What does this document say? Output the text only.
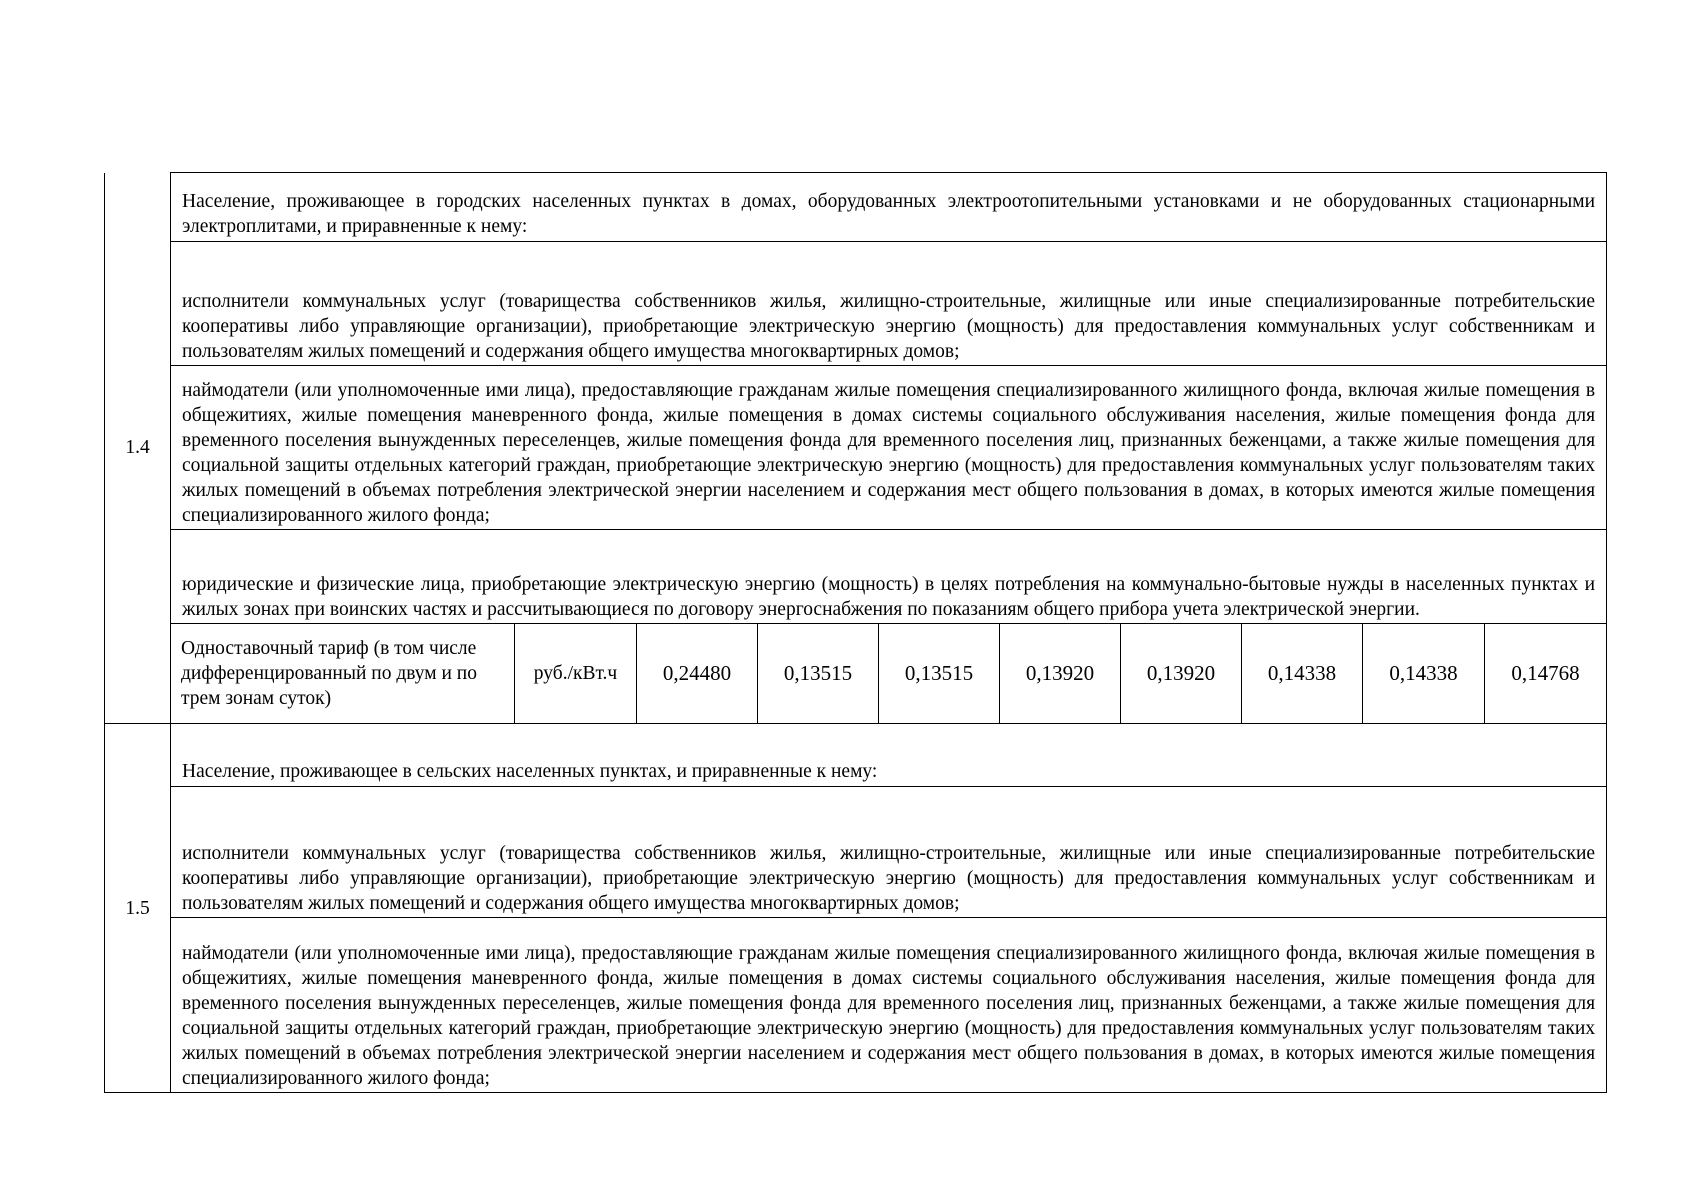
1.4	Население, проживающее в городских населенных пунктах в домах, оборудованных электроотопительными установками и не оборудованных стационарными электроплитами, и приравненные к нему:									
	исполнители коммунальных услуг (товарищества собственников жилья, жилищно-строительные, жилищные или иные специализированные потребительские кооперативы либо управляющие организации), приобретающие электрическую энергию (мощность) для предоставления коммунальных услуг собственникам и пользователям жилых помещений и содержания общего имущества многоквартирных домов;									
	наймодатели (или уполномоченные ими лица), предоставляющие гражданам жилые помещения специализированного жилищного фонда, включая жилые помещения в общежитиях, жилые помещения маневренного фонда, жилые помещения в домах системы социального обслуживания населения, жилые помещения фонда для временного поселения вынужденных переселенцев, жилые помещения фонда для временного поселения лиц, признанных беженцами, а также жилые помещения для социальной защиты отдельных категорий граждан, приобретающие электрическую энергию (мощность) для предоставления коммунальных услуг пользователям таких жилых помещений в объемах потребления электрической энергии населением и содержания мест общего пользования в домах, в которых имеются жилые помещения специализированного жилого фонда;									
	юридические и физические лица, приобретающие электрическую энергию (мощность) в целях потребления на коммунально-бытовые нужды в населенных пунктах и жилых зонах при воинских частях и рассчитывающиеся по договору энергоснабжения по показаниям общего прибора учета электрической энергии.									
	Одноставочный тариф (в том числе дифференцированный по двум и по трем зонам суток)	руб./кВт.ч	0,24480	0,13515	0,13515	0,13920	0,13920	0,14338	0,14338	0,14768
1.5	Население, проживающее в сельских населенных пунктах, и приравненные к нему:									
	исполнители коммунальных услуг (товарищества собственников жилья, жилищно-строительные, жилищные или иные специализированные потребительские кооперативы либо управляющие организации), приобретающие электрическую энергию (мощность) для предоставления коммунальных услуг собственникам и пользователям жилых помещений и содержания общего имущества многоквартирных домов;									
	наймодатели (или уполномоченные ими лица), предоставляющие гражданам жилые помещения специализированного жилищного фонда, включая жилые помещения в общежитиях, жилые помещения маневренного фонда, жилые помещения в домах системы социального обслуживания населения, жилые помещения фонда для временного поселения вынужденных переселенцев, жилые помещения фонда для временного поселения лиц, признанных беженцами, а также жилые помещения для социальной защиты отдельных категорий граждан, приобретающие электрическую энергию (мощность) для предоставления коммунальных услуг пользователям таких жилых помещений в объемах потребления электрической энергии населением и содержания мест общего пользования в домах, в которых имеются жилые помещения специализированного жилого фонда;									
